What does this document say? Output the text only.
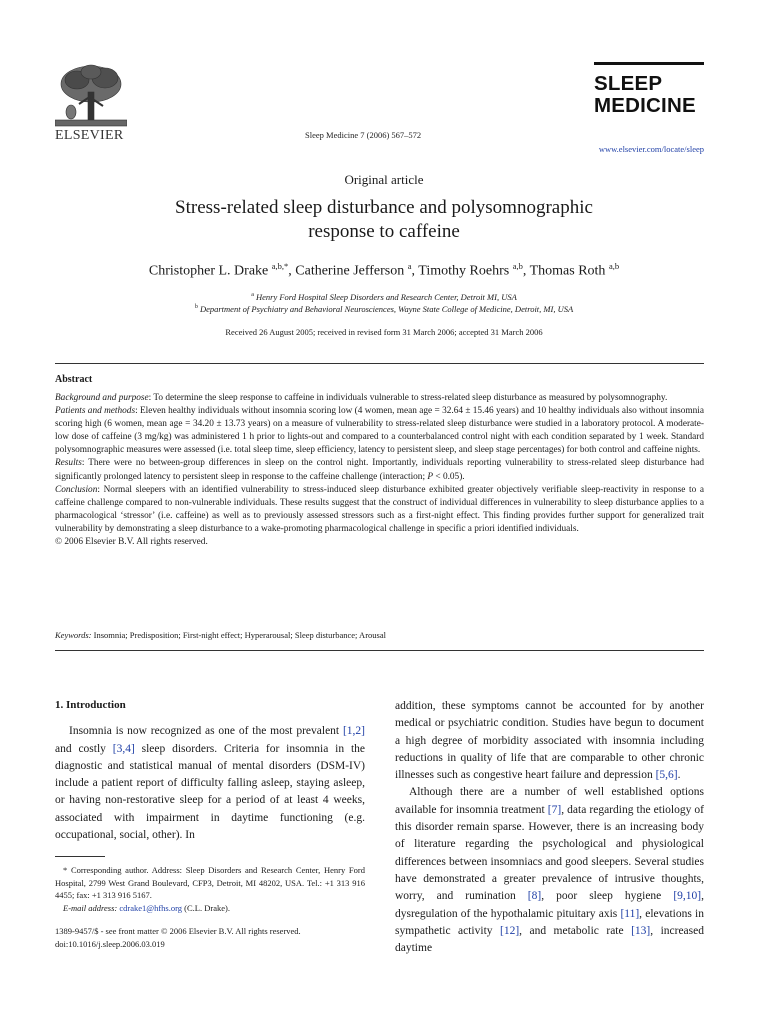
ELSEVIER	Sleep Medicine 7 (2006) 567–572
SLEEP
MEDICINE
www.elsevier.com/locate/sleep
Original article
Stress-related sleep disturbance and polysomnographic
response to caffeine
Christopher L. Drake $^{a,b,*}$, Catherine Jefferson $^a$, Timothy Roehrs $^{a,b}$, Thomas Roth $^{a,b}$
$^a$ Henry Ford Hospital Sleep Disorders and Research Center, Detroit MI, USA
$^b$ Department of Psychiatry and Behavioral Neurosciences, Wayne State College of Medicine, Detroit, MI, USA
Received 26 August 2005; received in revised form 31 March 2006; accepted 31 March 2006
Abstract

Background and purpose: To determine the sleep response to caffeine in individuals vulnerable to stress-related sleep disturbance as measured by polysomnography.

Patients and methods: Eleven healthy individuals without insomnia scoring low (4 women, mean age = 32.64 ± 15.46 years) and 10 healthy individuals also without insomnia scoring high (6 women, mean age = 34.20 ± 13.73 years) on a measure of vulnerability to stress-related sleep disturbance were studied in a laboratory protocol. A moderate-low dose of caffeine (3 mg/kg) was administered 1 h prior to lights-out and compared to a counterbalanced control night with each condition separated by 1 week. Standard polysomnographic measures were assessed (i.e. total sleep time, sleep efficiency, latency to persistent sleep, and sleep stage percentages) for both control and caffeine nights.

Results: There were no between-group differences in sleep on the control night. Importantly, individuals reporting vulnerability to stress-related sleep disturbance had significantly prolonged latency to persistent sleep in response to the caffeine challenge (interaction; P < 0.05).

Conclusion: Normal sleepers with an identified vulnerability to stress-induced sleep disturbance exhibited greater objectively verifiable sleep-reactivity in response to a caffeine challenge compared to non-vulnerable individuals. These results suggest that the construct of individual differences in vulnerability to sleep disturbance applies to a pharmacological ‘stressor’ (i.e. caffeine) as well as to previously assessed stressors such as a first-night effect. This finding provides further support for generalized trait vulnerability by demonstrating a sleep disturbance to a wake-promoting pharmacological challenge in specific a priori identified individuals.

© 2006 Elsevier B.V. All rights reserved.

Keywords: Insomnia; Predisposition; First-night effect; Hyperarousal; Sleep disturbance; Arousal
1. Introduction

Insomnia is now recognized as one of the most prevalent [1,2] and costly [3,4] sleep disorders. Criteria for insomnia in the diagnostic and statistical manual of mental disorders (DSM-IV) include a patient report of difficulty falling asleep, staying asleep, or having non-restorative sleep for a period of at least 4 weeks, associated with impairment in daytime functioning (e.g. occupational, social, other). In

* Corresponding author. Address: Sleep Disorders and Research Center, Henry Ford Hospital, 2799 West Grand Boulevard, CFP3, Detroit, MI 48202, USA. Tel.: +1 313 916 4455; fax: +1 313 916 5167.
E-mail address: cdrake1@hfhs.org (C.L. Drake).
1389-9457/$ - see front matter © 2006 Elsevier B.V. All rights reserved.
doi:10.1016/j.sleep.2006.03.019

addition, these symptoms cannot be accounted for by another medical or psychiatric condition. Studies have begun to document a high degree of morbidity associated with insomnia including reductions in quality of life that are comparable to other chronic illnesses such as congestive heart failure and depression [5,6].

Although there are a number of well established options available for insomnia treatment [7], data regarding the etiology of this disorder remain sparse. However, there is an increasing body of literature regarding the psychological and physiological differences between insomniacs and good sleepers. Several studies have demonstrated a greater prevalence of intrusive thoughts, worry, and rumination [8], poor sleep hygiene [9,10], dysregulation of the hypothalamic pituitary axis [11], elevations in sympathetic activity [12], and metabolic rate [13], increased daytime
